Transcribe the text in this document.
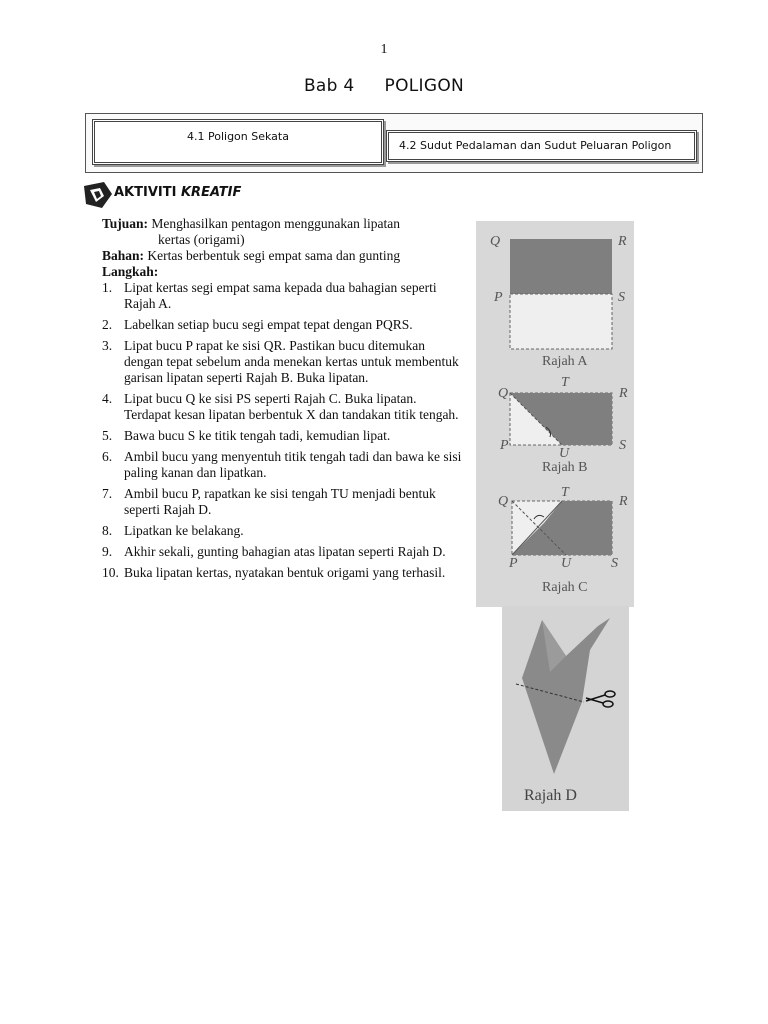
1
Bab 4 POLIGON
4.1 Poligon Sekata
4.2 Sudut Pedalaman dan Sudut Peluaran Poligon
AKTIVITI KREATIF

Tujuan: Menghasilkan pentagon menggunakan lipatan

kertas (origami)

Bahan: Kertas berbentuk segi empat sama dan gunting

Langkah:

1. Lipat kertas segi empat sama kepada dua bahagian seperti Rajah A.
2. Labelkan setiap bucu segi empat tepat dengan PQRS.
3. Lipat bucu P rapat ke sisi QR. Pastikan bucu ditemukan dengan tepat sebelum anda menekan kertas untuk membentuk garisan lipatan seperti Rajah B. Buka lipatan.
4. Lipat bucu Q ke sisi PS seperti Rajah C. Buka lipatan. Terdapat kesan lipatan berbentuk X dan tandakan titik tengah.
5. Bawa bucu S ke titik tengah tadi, kemudian lipat.
6. Ambil bucu yang menyentuh titik tengah tadi dan bawa ke sisi paling kanan dan lipatkan.
7. Ambil bucu P, rapatkan ke sisi tengah TU menjadi bentuk seperti Rajah D.
8. Lipatkan ke belakang.
9. Akhir sekali, gunting bahagian atas lipatan seperti Rajah D.
10. Buka lipatan kertas, nyatakan bentuk origami yang terhasil.
Q	R
P	S
Rajah A
T
Q	R
P
U
S
Rajah B
T
Q	R
P	U	S
Rajah C
Rajah D
